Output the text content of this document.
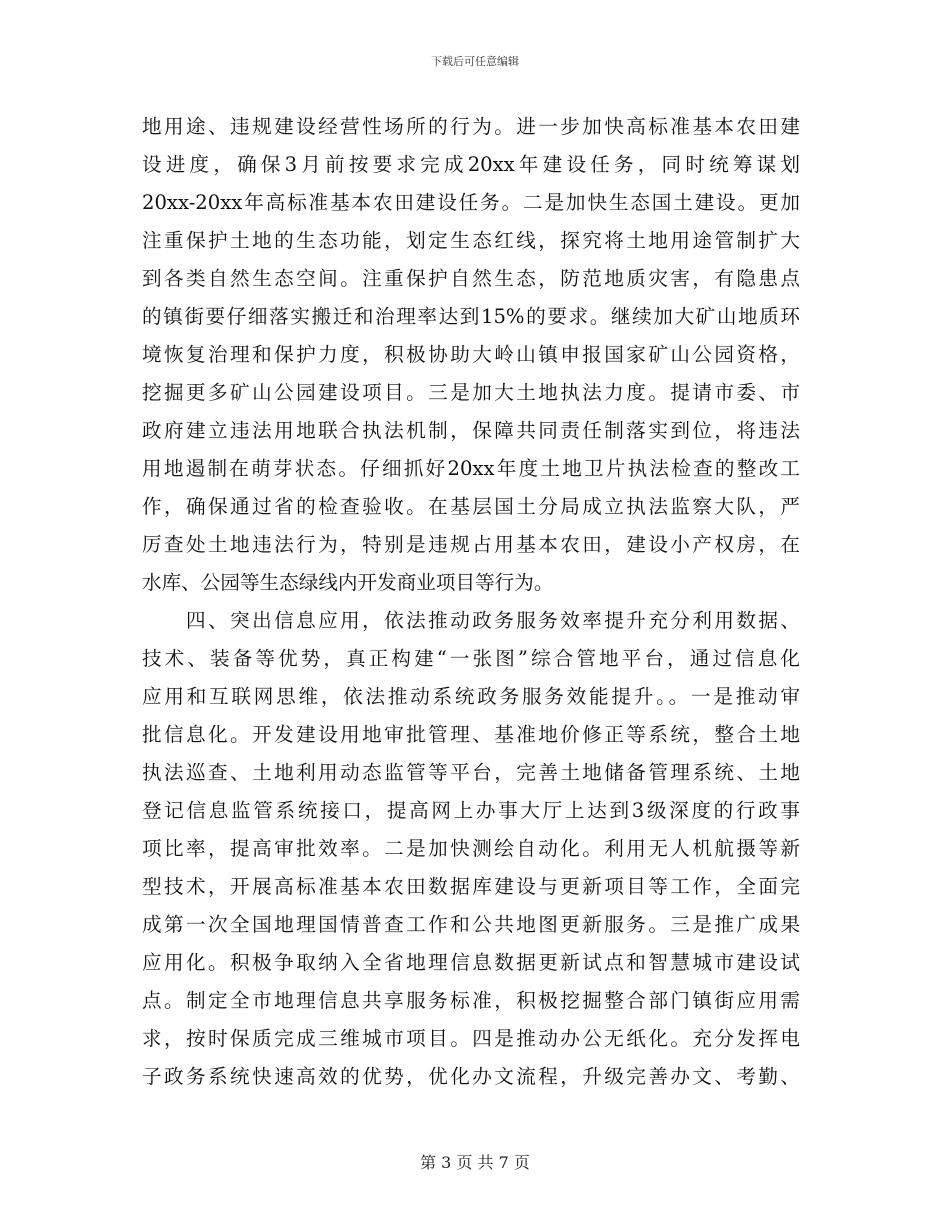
下载后可任意编辑
地用途、违规建设经营性场所的行为。进一步加快高标准基本农田建
设进度，确保3月前按要求完成20xx年建设任务，同时统筹谋划
20xx-20xx年高标准基本农田建设任务。二是加快生态国土建设。更加
注重保护土地的生态功能，划定生态红线，探究将土地用途管制扩大
到各类自然生态空间。注重保护自然生态，防范地质灾害，有隐患点
的镇街要仔细落实搬迁和治理率达到15%的要求。继续加大矿山地质环
境恢复治理和保护力度，积极协助大岭山镇申报国家矿山公园资格，
挖掘更多矿山公园建设项目。三是加大土地执法力度。提请市委、市
政府建立违法用地联合执法机制，保障共同责任制落实到位，将违法
用地遏制在萌芽状态。仔细抓好20xx年度土地卫片执法检查的整改工
作，确保通过省的检查验收。在基层国土分局成立执法监察大队，严
厉查处土地违法行为，特别是违规占用基本农田，建设小产权房，在
水库、公园等生态绿线内开发商业项目等行为。
　　四、突出信息应用，依法推动政务服务效率提升充分利用数据、
技术、装备等优势，真正构建“一张图”综合管地平台，通过信息化
应用和互联网思维，依法推动系统政务服务效能提升。。一是推动审
批信息化。开发建设用地审批管理、基准地价修正等系统，整合土地
执法巡查、土地利用动态监管等平台，完善土地储备管理系统、土地
登记信息监管系统接口，提高网上办事大厅上达到3级深度的行政事
项比率，提高审批效率。二是加快测绘自动化。利用无人机航摄等新
型技术，开展高标准基本农田数据库建设与更新项目等工作，全面完
成第一次全国地理国情普查工作和公共地图更新服务。三是推广成果
应用化。积极争取纳入全省地理信息数据更新试点和智慧城市建设试
点。制定全市地理信息共享服务标准，积极挖掘整合部门镇街应用需
求，按时保质完成三维城市项目。四是推动办公无纸化。充分发挥电
子政务系统快速高效的优势，优化办文流程，升级完善办文、考勤、
第 3 页 共 7 页
